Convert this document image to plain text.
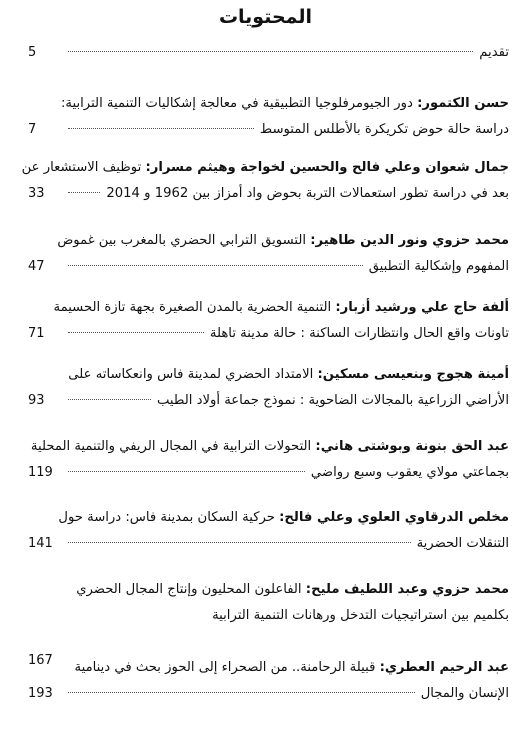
المحتويات
تقديم
5
حسن الكتمور: دور الجيومرفلوجيا التطبيقية في معالجة إشكاليات التنمية الترابية:
دراسة حالة حوض تكريكرة بالأطلس المتوسط
7
جمال شعوان وعلي فالح والحسين لخواجة وهيثم مسرار: توظيف الاستشعار عن
بعد في دراسة تطور استعمالات التربة بحوض واد أمزاز بين 1962 و 2014
33
محمد حزوي ونور الدين طاهير: التسويق الترابي الحضري بالمغرب بين غموض
المفهوم وإشكالية التطبيق
47
ألفة حاج علي ورشيد أزبار: التنمية الحضرية بالمدن الصغيرة بجهة تازة الحسيمة
تاونات واقع الحال وانتظارات الساكنة : حالة مدينة تاهلة
71
أمينة هجوج وبنعيسى مسكين: الامتداد الحضري لمدينة فاس وانعكاساته على
الأراضي الزراعية بالمجالات الضاحوية : نموذج جماعة أولاد الطيب
93
عبد الحق بنونة وبوشتى هاني: التحولات الترابية في المجال الريفي والتنمية المحلية
بجماعتي مولاي يعقوب وسبع رواضي
119
مخلص الدرقاوي العلوي وعلي فالح: حركية السكان بمدينة فاس: دراسة حول
التنقلات الحضرية
141
محمد حزوي وعبد اللطيف مليح: الفاعلون المحليون وإنتاج المجال الحضري
بكلميم بين استراتيجيات التدخل ورهانات التنمية الترابية
167	عبد الرحيم العطري: قبيلة الرحامنة.. من الصحراء إلى الحوز بحث في دينامية
الإنسان والمجال
193
